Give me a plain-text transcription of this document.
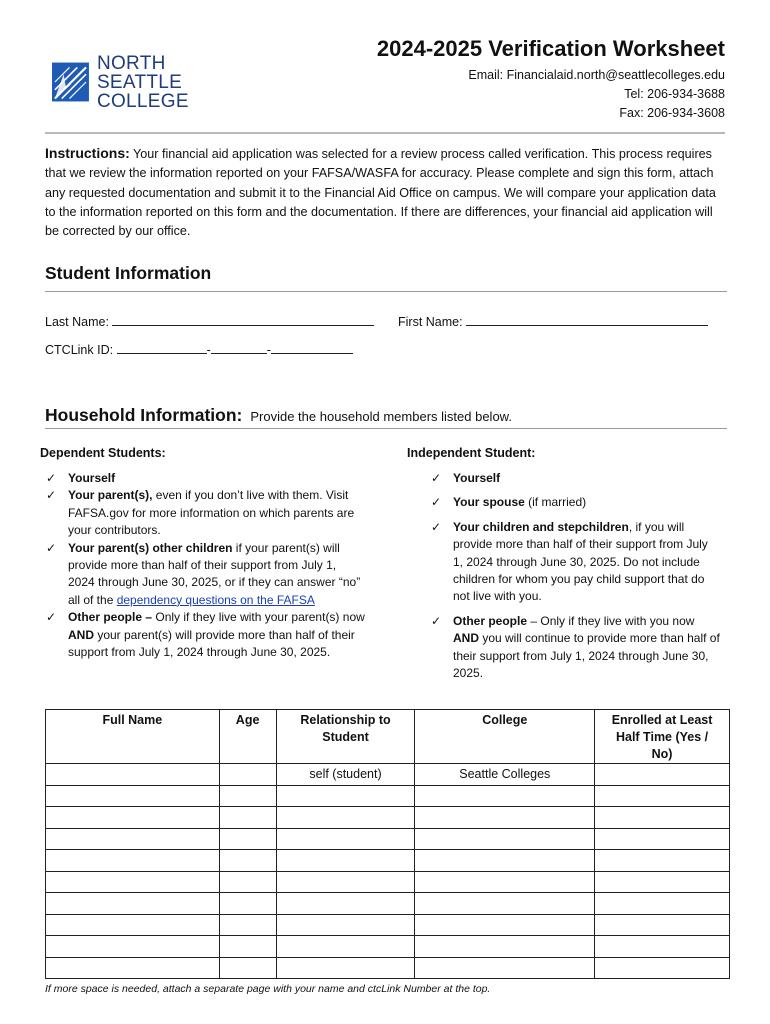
NORTH SEATTLE
COLLEGE
2024-2025 Verification Worksheet
Email: Financialaid.north@seattlecolleges.edu
Tel: 206-934-3688
Fax: 206-934-3608
Instructions: Your financial aid application was selected for a review process called verification. This process requires that we review the information reported on your FAFSA/WASFA for accuracy. Please complete and sign this form, attach any requested documentation and submit it to the Financial Aid Office on campus. We will compare your application data to the information reported on this form and the documentation. If there are differences, your financial aid application will be corrected by our office.
Student Information
Last Name:	First Name:
CTCLink ID:	-	-
Household Information: Provide the household members listed below.
Dependent Students:	Independent Student:
✓ Yourself
✓ Your parent(s), even if you don’t live with them. Visit FAFSA.gov for more information on which parents are your contributors.
✓ Your parent(s) other children if your parent(s) will provide more than half of their support from July 1, 2024 through June 30, 2025, or if they can answer “no” all of the dependency questions on the FAFSA
✓ Other people – Only if they live with your parent(s) now AND your parent(s) will provide more than half of their support from July 1, 2024 through June 30, 2025.
✓ Yourself
✓ Your spouse (if married)
✓ Your children and stepchildren, if you will provide more than half of their support from July 1, 2024 through June 30, 2025. Do not include children for whom you pay child support that do not live with you.
✓ Other people – Only if they live with you now AND you will continue to provide more than half of their support from July 1, 2024 through June 30, 2025.
Full Name	Age	Relationship to Student	College	Enrolled at Least Half Time (Yes / No)
		self (student)	Seattle Colleges	

If more space is needed, attach a separate page with your name and ctcLink Number at the top.
